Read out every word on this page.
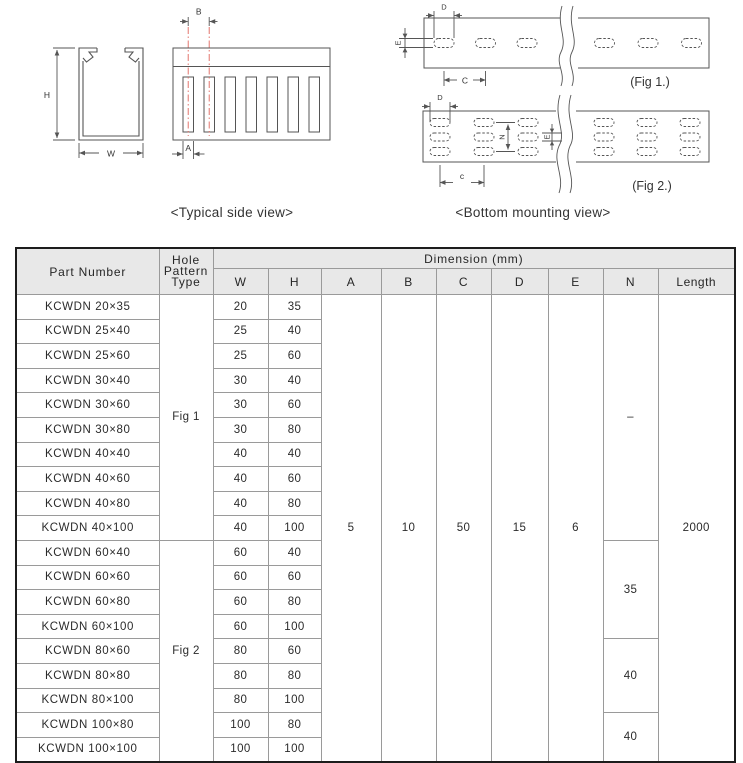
H
W
B
A
<Typical side view>
D
E
C	(Fig 1.)
D
N	E
c
(Fig 2.)
<Bottom mounting view>
Part Number	Hole Pattern Type	Dimension (mm)								
		W	H	A	B	C	D	E	N	Length
KCWDN 20×35	Fig 1	20	35	5	10	50	15	6	–	2000
KCWDN 25×40		25	40							
KCWDN 25×60		25	60							
KCWDN 30×40		30	40							
KCWDN 30×60		30	60							
KCWDN 30×80		30	80							
KCWDN 40×40		40	40							
KCWDN 40×60		40	60							
KCWDN 40×80		40	80							
KCWDN 40×100		40	100							
KCWDN 60×40	Fig 2	60	40						35	
KCWDN 60×60		60	60							
KCWDN 60×80		60	80							
KCWDN 60×100		60	100							
KCWDN 80×60		80	60						40	
KCWDN 80×80		80	80							
KCWDN 80×100		80	100							
KCWDN 100×80		100	80						40	
KCWDN 100×100		100	100							
